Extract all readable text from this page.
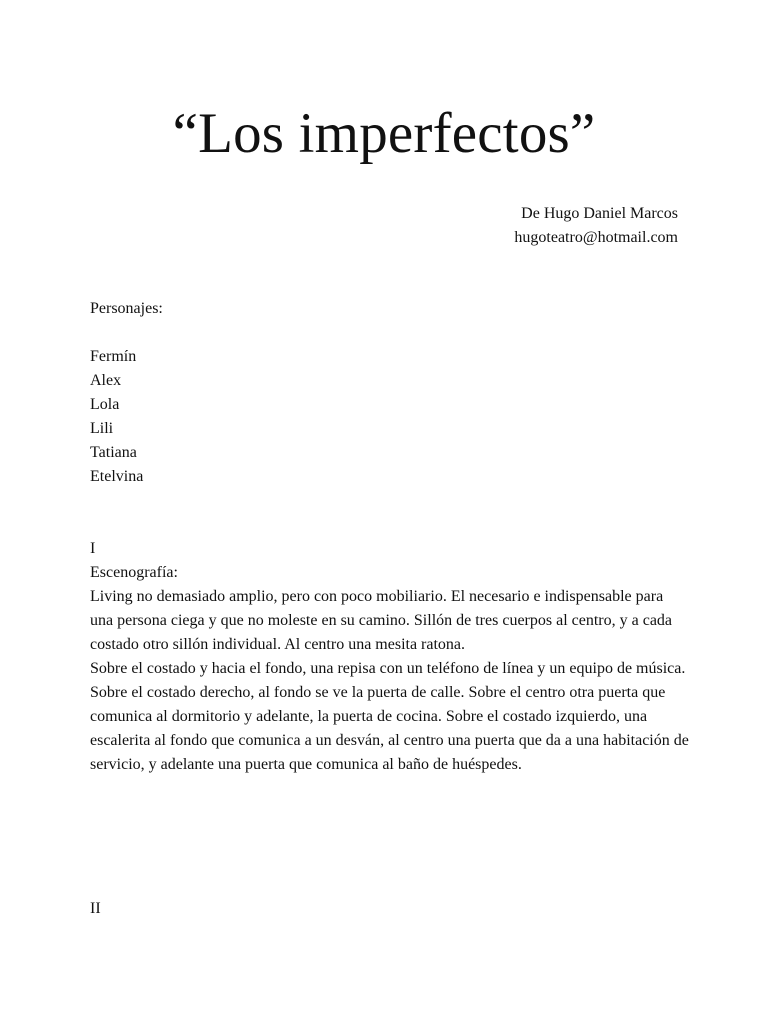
“Los imperfectos”
De Hugo Daniel Marcos
hugoteatro@hotmail.com
Personajes:
Fermín
Alex
Lola
Lili
Tatiana
Etelvina
I
Escenografía:

Living no demasiado amplio, pero con poco mobiliario. El necesario e indispensable para una persona ciega y que no moleste en su camino. Sillón de tres cuerpos al centro, y a cada costado otro sillón individual. Al centro una mesita ratona.

Sobre el costado y hacia el fondo, una repisa con un teléfono de línea y un equipo de música.

Sobre el costado derecho, al fondo se ve la puerta de calle. Sobre el centro otra puerta que comunica al dormitorio y adelante, la puerta de cocina. Sobre el costado izquierdo, una escalerita al fondo que comunica a un desván, al centro una puerta que da a una habitación de servicio, y adelante una puerta que comunica al baño de huéspedes.

II
